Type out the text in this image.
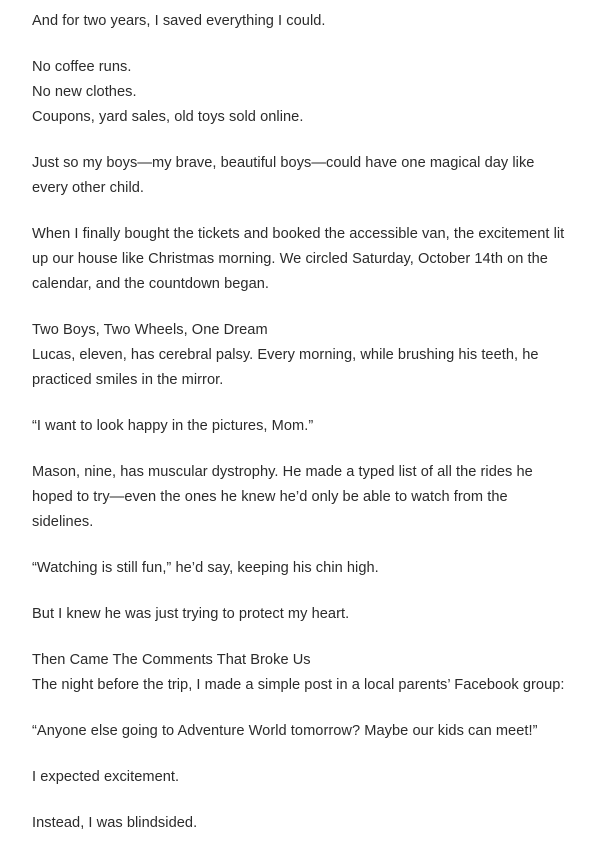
And for two years, I saved everything I could.

No coffee runs.
No new clothes.
Coupons, yard sales, old toys sold online.

Just so my boys—my brave, beautiful boys—could have one magical day like every other child.

When I finally bought the tickets and booked the accessible van, the excitement lit up our house like Christmas morning. We circled Saturday, October 14th on the calendar, and the countdown began.

Two Boys, Two Wheels, One Dream
Lucas, eleven, has cerebral palsy. Every morning, while brushing his teeth, he practiced smiles in the mirror.

“I want to look happy in the pictures, Mom.”

Mason, nine, has muscular dystrophy. He made a typed list of all the rides he hoped to try—even the ones he knew he’d only be able to watch from the sidelines.

“Watching is still fun,” he’d say, keeping his chin high.

But I knew he was just trying to protect my heart.

Then Came The Comments That Broke Us
The night before the trip, I made a simple post in a local parents’ Facebook group:

“Anyone else going to Adventure World tomorrow? Maybe our kids can meet!”

I expected excitement.

Instead, I was blindsided.
